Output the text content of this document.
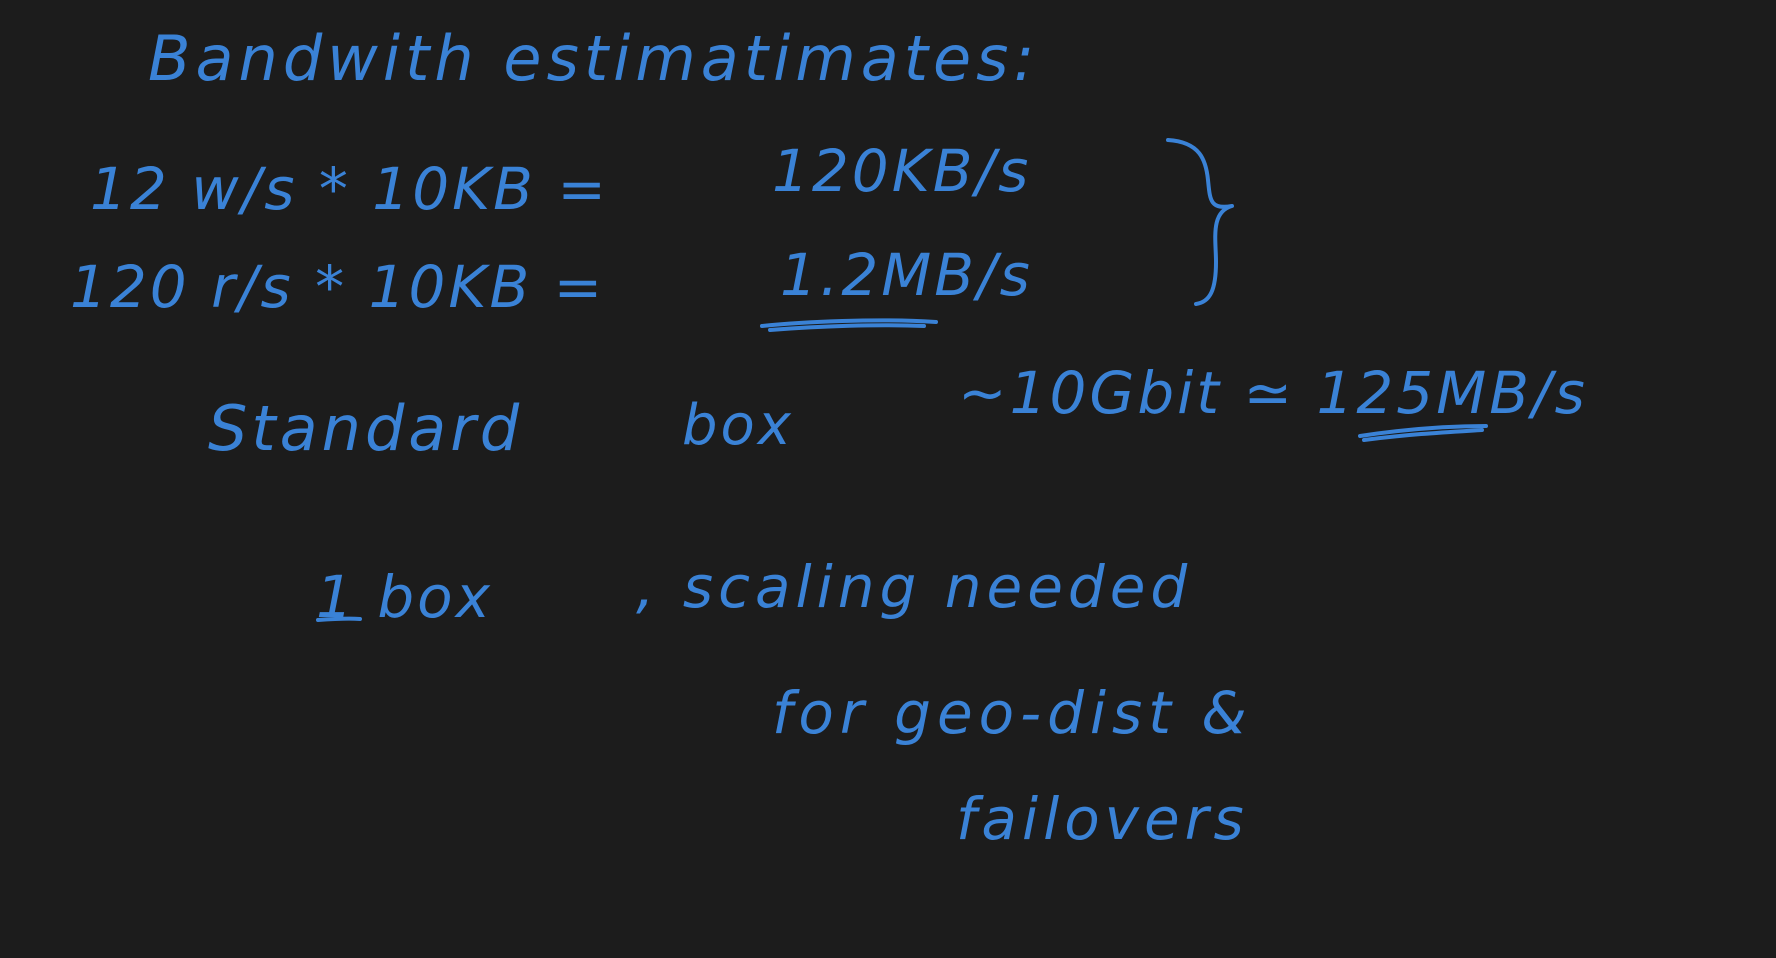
Bandwith estimatimates:
12 w/s * 10KB =	120KB/s
120 r/s * 10KB =	1.2MB/s
Standard	box	~10Gbit ≃ 125MB/s
1 box , scaling needed
for geo-dist &
failovers
